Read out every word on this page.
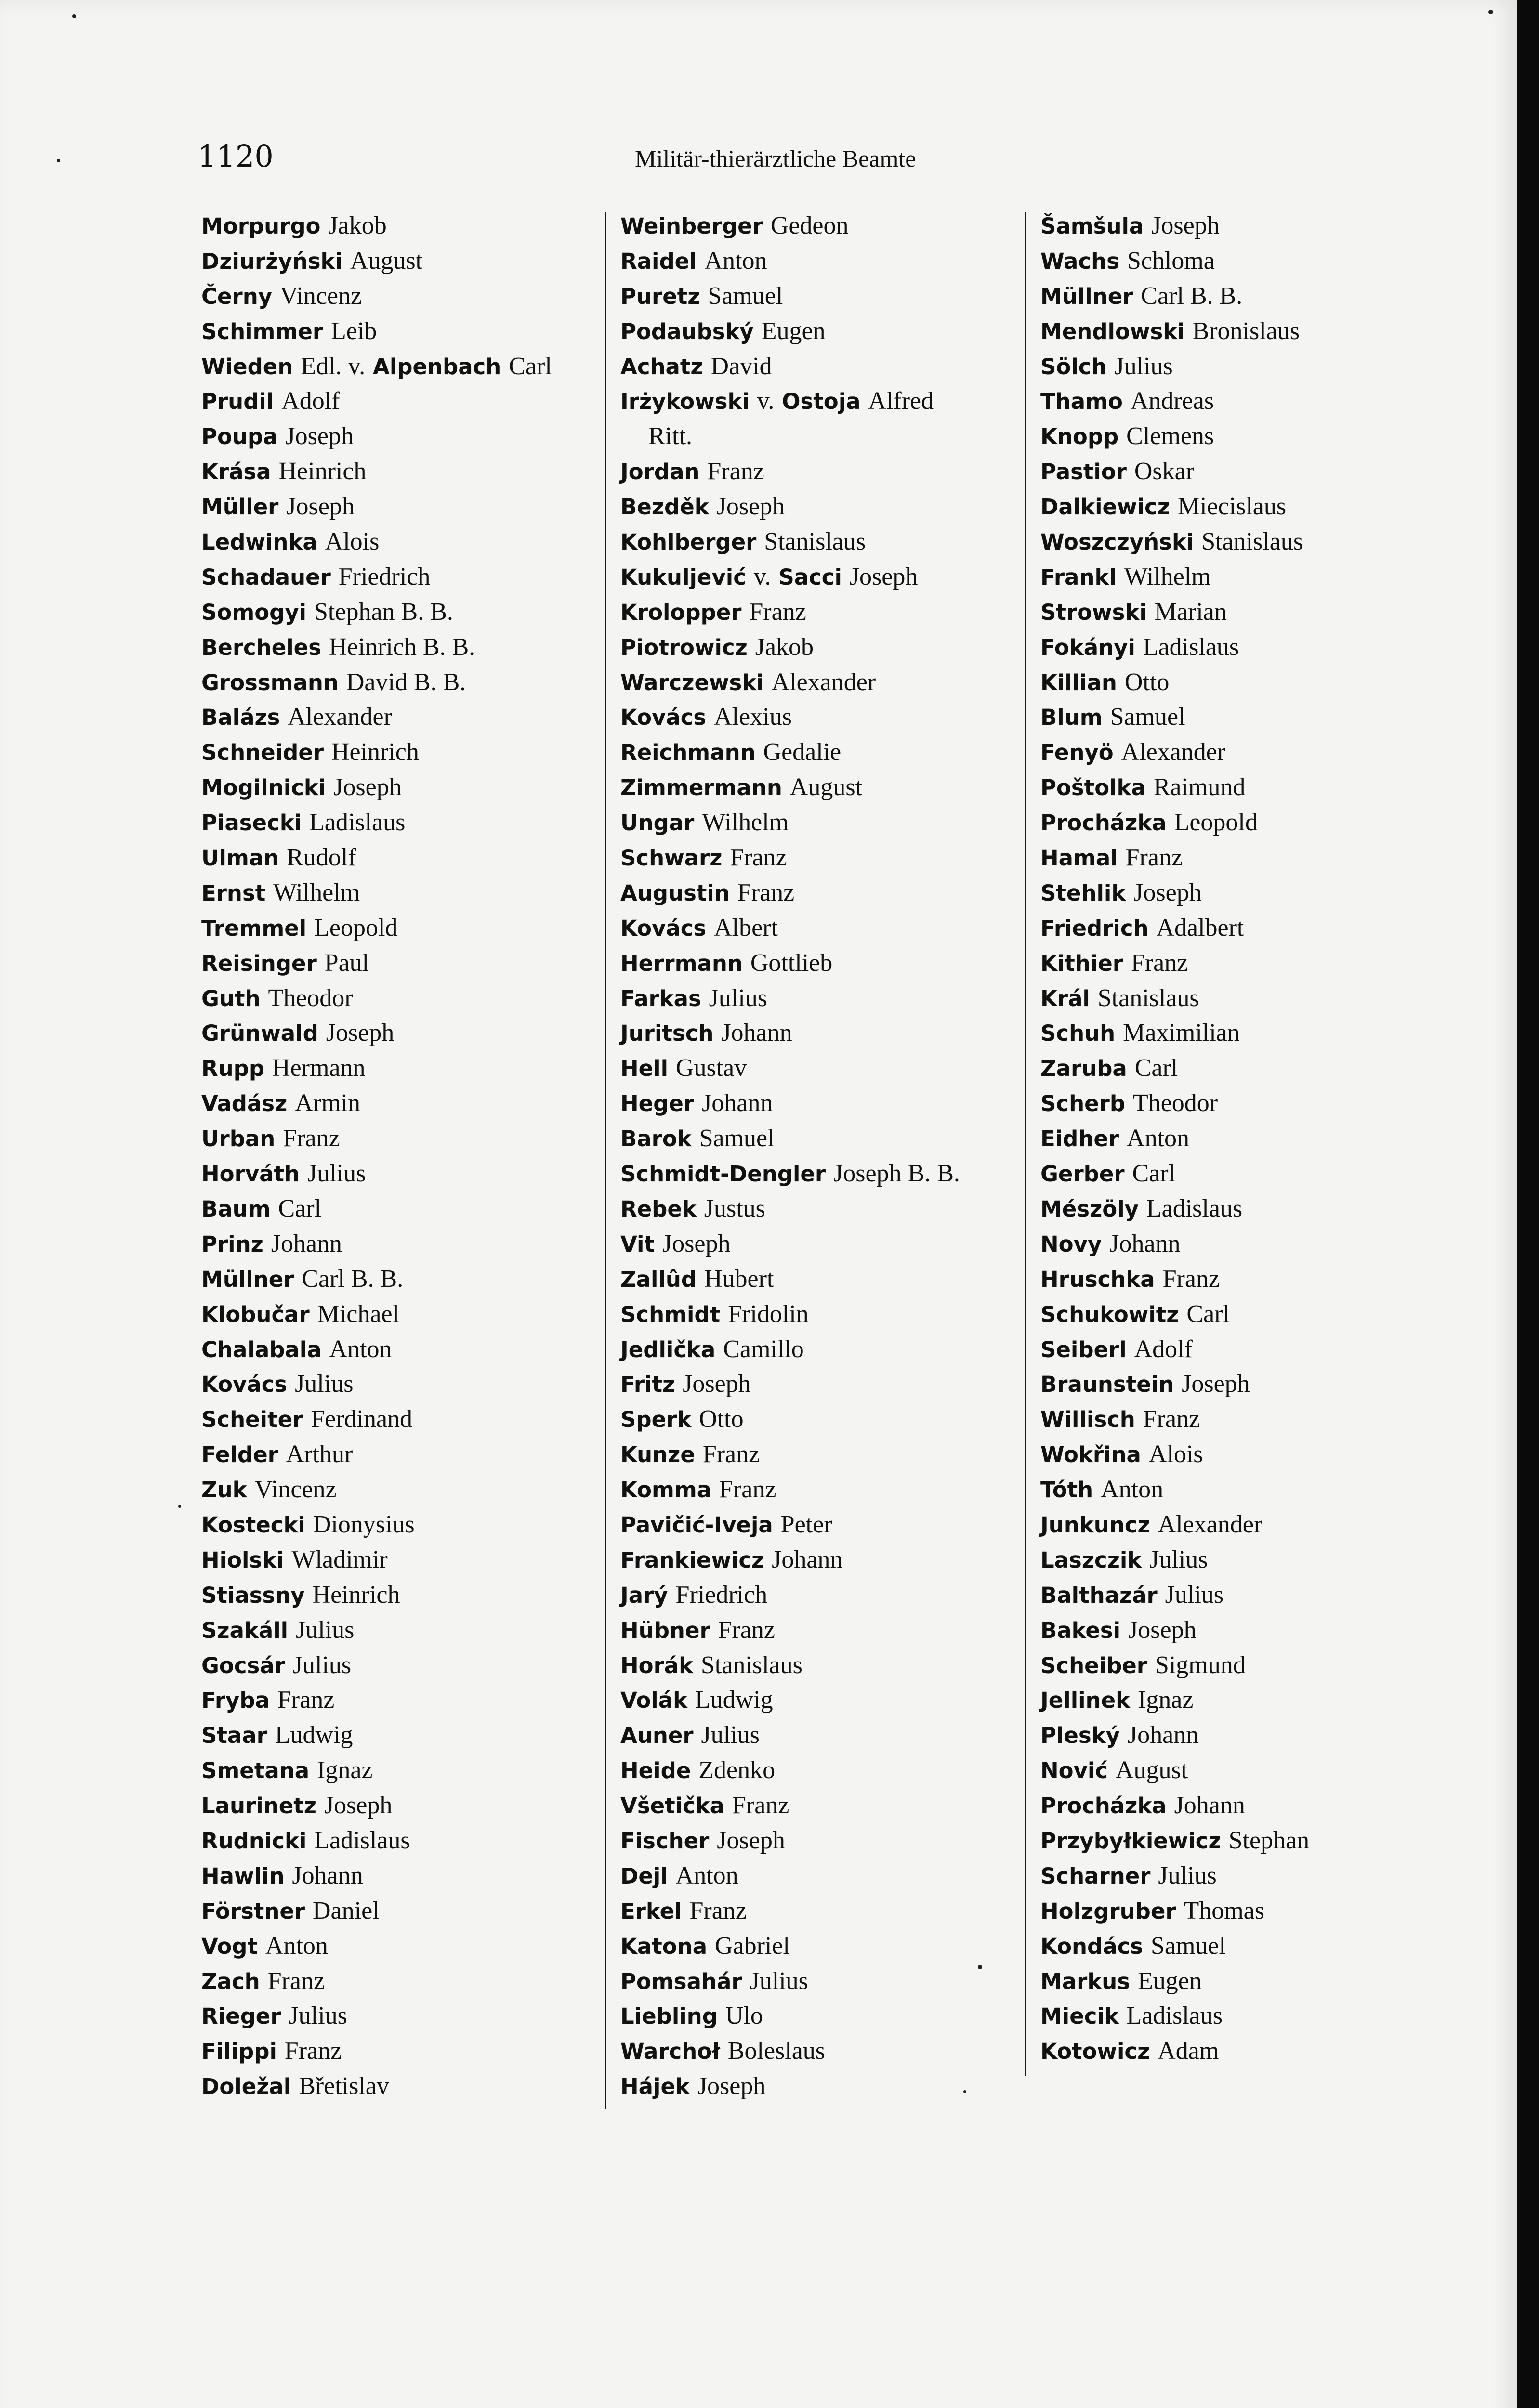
1120	Militär-thierärztliche Beamte
Morpurgo Jakob
Dziurżyński August
Černy Vincenz
Schimmer Leib
Wieden Edl. v. Alpenbach Carl
Prudil Adolf
Poupa Joseph
Krása Heinrich
Müller Joseph
Ledwinka Alois
Schadauer Friedrich
Somogyi Stephan B. B.
Bercheles Heinrich B. B.
Grossmann David B. B.
Balázs Alexander
Schneider Heinrich
Mogilnicki Joseph
Piasecki Ladislaus
Ulman Rudolf
Ernst Wilhelm
Tremmel Leopold
Reisinger Paul
Guth Theodor
Grünwald Joseph
Rupp Hermann
Vadász Armin
Urban Franz
Horváth Julius
Baum Carl
Prinz Johann
Müllner Carl B. B.
Klobučar Michael
Chalabala Anton
Kovács Julius
Scheiter Ferdinand
Felder Arthur
Zuk Vincenz
Kostecki Dionysius
Hiolski Wladimir
Stiassny Heinrich
Szakáll Julius
Gocsár Julius
Fryba Franz
Staar Ludwig
Smetana Ignaz
Laurinetz Joseph
Rudnicki Ladislaus
Hawlin Johann
Förstner Daniel
Vogt Anton
Zach Franz
Rieger Julius
Filippi Franz
Doležal Břetislav
Weinberger Gedeon
Raidel Anton
Puretz Samuel
Podaubský Eugen
Achatz David
Irżykowski v. Ostoja Alfred
Ritt.
Jordan Franz
Bezděk Joseph
Kohlberger Stanislaus
Kukuljević v. Sacci Joseph
Krolopper Franz
Piotrowicz Jakob
Warczewski Alexander
Kovács Alexius
Reichmann Gedalie
Zimmermann August
Ungar Wilhelm
Schwarz Franz
Augustin Franz
Kovács Albert
Herrmann Gottlieb
Farkas Julius
Juritsch Johann
Hell Gustav
Heger Johann
Barok Samuel
Schmidt-Dengler Joseph B. B.
Rebek Justus
Vit Joseph
Zallûd Hubert
Schmidt Fridolin
Jedlička Camillo
Fritz Joseph
Sperk Otto
Kunze Franz
Komma Franz
Pavičić-Iveja Peter
Frankiewicz Johann
Jarý Friedrich
Hübner Franz
Horák Stanislaus
Volák Ludwig
Auner Julius
Heide Zdenko
Všetička Franz
Fischer Joseph
Dejl Anton
Erkel Franz
Katona Gabriel
Pomsahár Julius
Liebling Ulo
Warchoł Boleslaus
Hájek Joseph
Šamšula Joseph
Wachs Schloma
Müllner Carl B. B.
Mendlowski Bronislaus
Sölch Julius
Thamo Andreas
Knopp Clemens
Pastior Oskar
Dalkiewicz Miecislaus
Woszczyński Stanislaus
Frankl Wilhelm
Strowski Marian
Fokányi Ladislaus
Killian Otto
Blum Samuel
Fenyö Alexander
Poštolka Raimund
Procházka Leopold
Hamal Franz
Stehlik Joseph
Friedrich Adalbert
Kithier Franz
Král Stanislaus
Schuh Maximilian
Zaruba Carl
Scherb Theodor
Eidher Anton
Gerber Carl
Mészöly Ladislaus
Novy Johann
Hruschka Franz
Schukowitz Carl
Seiberl Adolf
Braunstein Joseph
Willisch Franz
Wokřina Alois
Tóth Anton
Junkuncz Alexander
Laszczik Julius
Balthazár Julius
Bakesi Joseph
Scheiber Sigmund
Jellinek Ignaz
Pleský Johann
Nović August
Procházka Johann
Przybyłkiewicz Stephan
Scharner Julius
Holzgruber Thomas
Kondács Samuel
Markus Eugen
Miecik Ladislaus
Kotowicz Adam
